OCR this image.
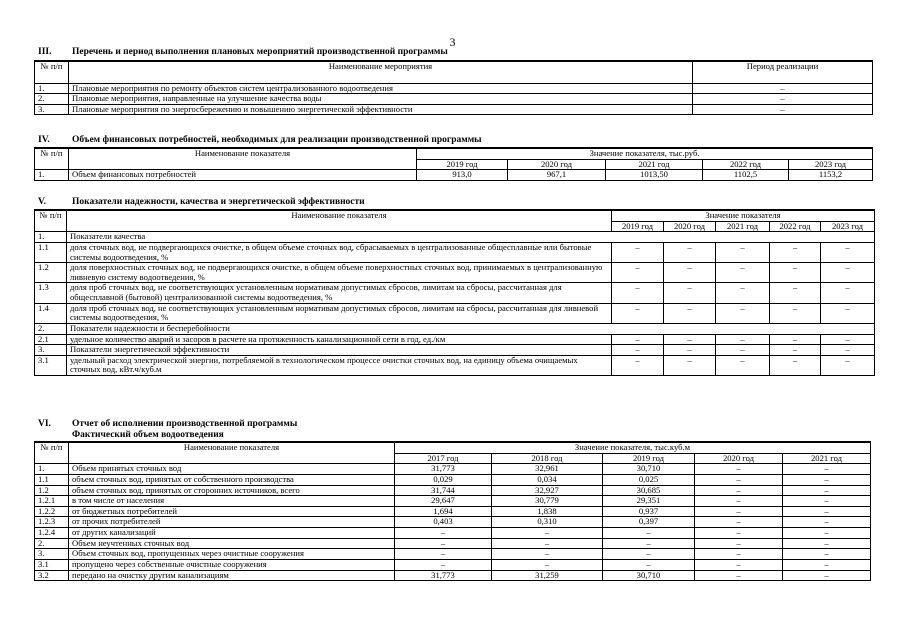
3
III. Перечень и период выполнения плановых мероприятий производственной программы
№ п/п	Наименование мероприятия	Период реализации
1.	Плановые мероприятия по ремонту объектов систем централизованного водоотведения	–
2.	Плановые мероприятия, направленные на улучшение качества воды	–
3.	Плановые мероприятия по энергосбережению и повышению энергетической эффективности	–
IV. Объем финансовых потребностей, необходимых для реализации производственной программы
№ п/п	Наименование показателя	Значение показателя, тыс.руб.				
		2019 год	2020 год	2021 год	2022 год	2023 год
1.	Объем финансовых потребностей	913,0	967,1	1013,50	1102,5	1153,2
V.	Показатели надежности, качества и энергетической эффективности
№ п/п	Наименование показателя	Значение показателя				
		2019 год	2020 год	2021 год	2022 год	2023 год
1.	Показатели качества					
1.1	доля сточных вод, не подвергающихся очистке, в общем объеме сточных вод, сбрасываемых в централизованные общесплавные или бытовые системы водоотведения, %	–	–	–	–	–
1.2	доля поверхностных сточных вод, не подвергающихся очистке, в общем объеме поверхностных сточных вод, принимаемых в централизованную ливневую систему водоотведения, %	–	–	–	–	–
1.3	доля проб сточных вод, не соответствующих установленным нормативам допустимых сбросов, лимитам на сбросы, рассчитанная для общесплавной (бытовой) централизованной системы водоотведения, %	–	–	–	–	–
1.4	доля проб сточных вод, не соответствующих установленным нормативам допустимых сбросов, лимитам на сбросы, рассчитанная для ливневой системы водоотведения, %	–	–	–	–	–
2.	Показатели надежности и бесперебойности					
2.1	удельное количество аварий и засоров в расчете на протяженность канализационной сети в год, ед./км	–	–	–	–	–
3.	Показатели энергетической эффективности	–	–	–	–	–
3.1	удельный расход электрической энергии, потребляемой в технологическом процессе очистки сточных вод, на единицу объема очищаемых сточных вод, кВт.ч/куб.м	–	–	–	–	–
VI. Отчет об исполнении производственной программы
Фактический объем водоотведения
№ п/п	Наименование показателя	Значение показателя, тыс.куб.м				
		2017 год	2018 год	2019 год	2020 год	2021 год
1.	Объем принятых сточных вод	31,773	32,961	30,710	–	–
1.1	объем сточных вод, принятых от собственного производства	0,029	0,034	0,025	–	–
1.2	объем сточных вод, принятых от сторонних источников, всего	31,744	32,927	30,685	–	–
1.2.1	в том числе от населения	29,647	30,779	29,351	–	–
1.2.2	от бюджетных потребителей	1,694	1,838	0,937	–	–
1.2.3	от прочих потребителей	0,403	0,310	0,397	–	–
1.2.4	от других канализаций	–	–	–	–	–
2.	Объем неучтенных сточных вод	–	–	–	–	–
3.	Объем сточных вод, пропущенных через очистные сооружения	–	–	–	–	–
3.1	пропущено через собственные очистные сооружения	–	–	–	–	–
3.2	передано на очистку другим канализациям	31,773	31,259	30,710	–	–
